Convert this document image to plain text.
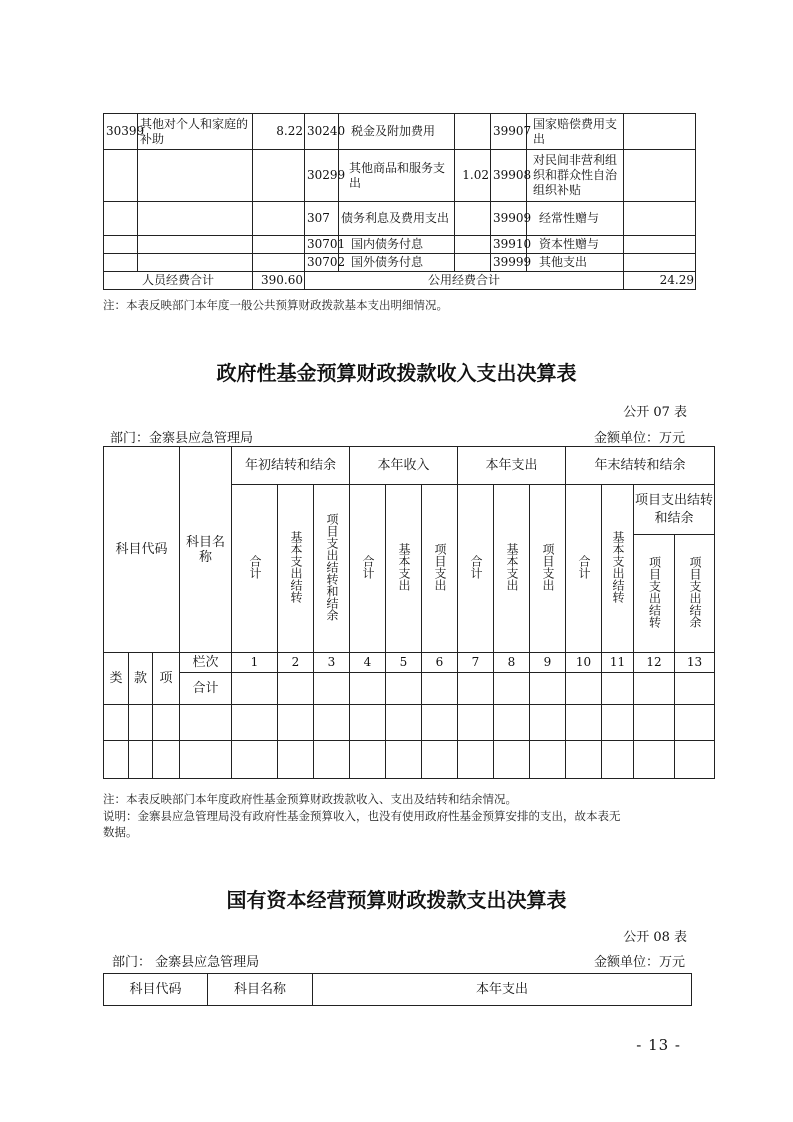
30399	其他对个人和家庭的补助	8.22	30240	税金及附加费用		39907	国家赔偿费用支出	
			30299	其他商品和服务支出	1.02	39908	对民间非营利组织和群众性自治组织补贴	
			307	债务利息及费用支出		39909	经常性赠与	
			30701	国内债务付息		39910	资本性赠与	
			30702	国外债务付息		39999	其他支出	
人员经费合计		390.60	公用经费合计					24.29
注：本表反映部门本年度一般公共预算财政拨款基本支出明细情况。
政府性基金预算财政拨款收入支出决算表
公开 07 表
部门：金寨县应急管理局	金额单位：万元
科目代码			科目名称	年初结转和结余			本年收入			本年支出			年末结转和结余			
				合计	基本支出结转	项目支出结转和结余	合计	基本支出	项目支出	合计	基本支出	项目支出	合计	基本支出结转	项目支出结转和结余	
															项目支出结转	项目支出结余
类	款	项	栏次	1	2	3	4	5	6	7	8	9	10	11	12	13
			合计													

注：本表反映部门本年度政府性基金预算财政拨款收入、支出及结转和结余情况。
说明：金寨县应急管理局没有政府性基金预算收入，也没有使用政府性基金预算安排的支出，故本表无
数据。
国有资本经营预算财政拨款支出决算表
公开 08 表
部门： 金寨县应急管理局	金额单位：万元
科目代码	科目名称	本年支出
- 13 -
